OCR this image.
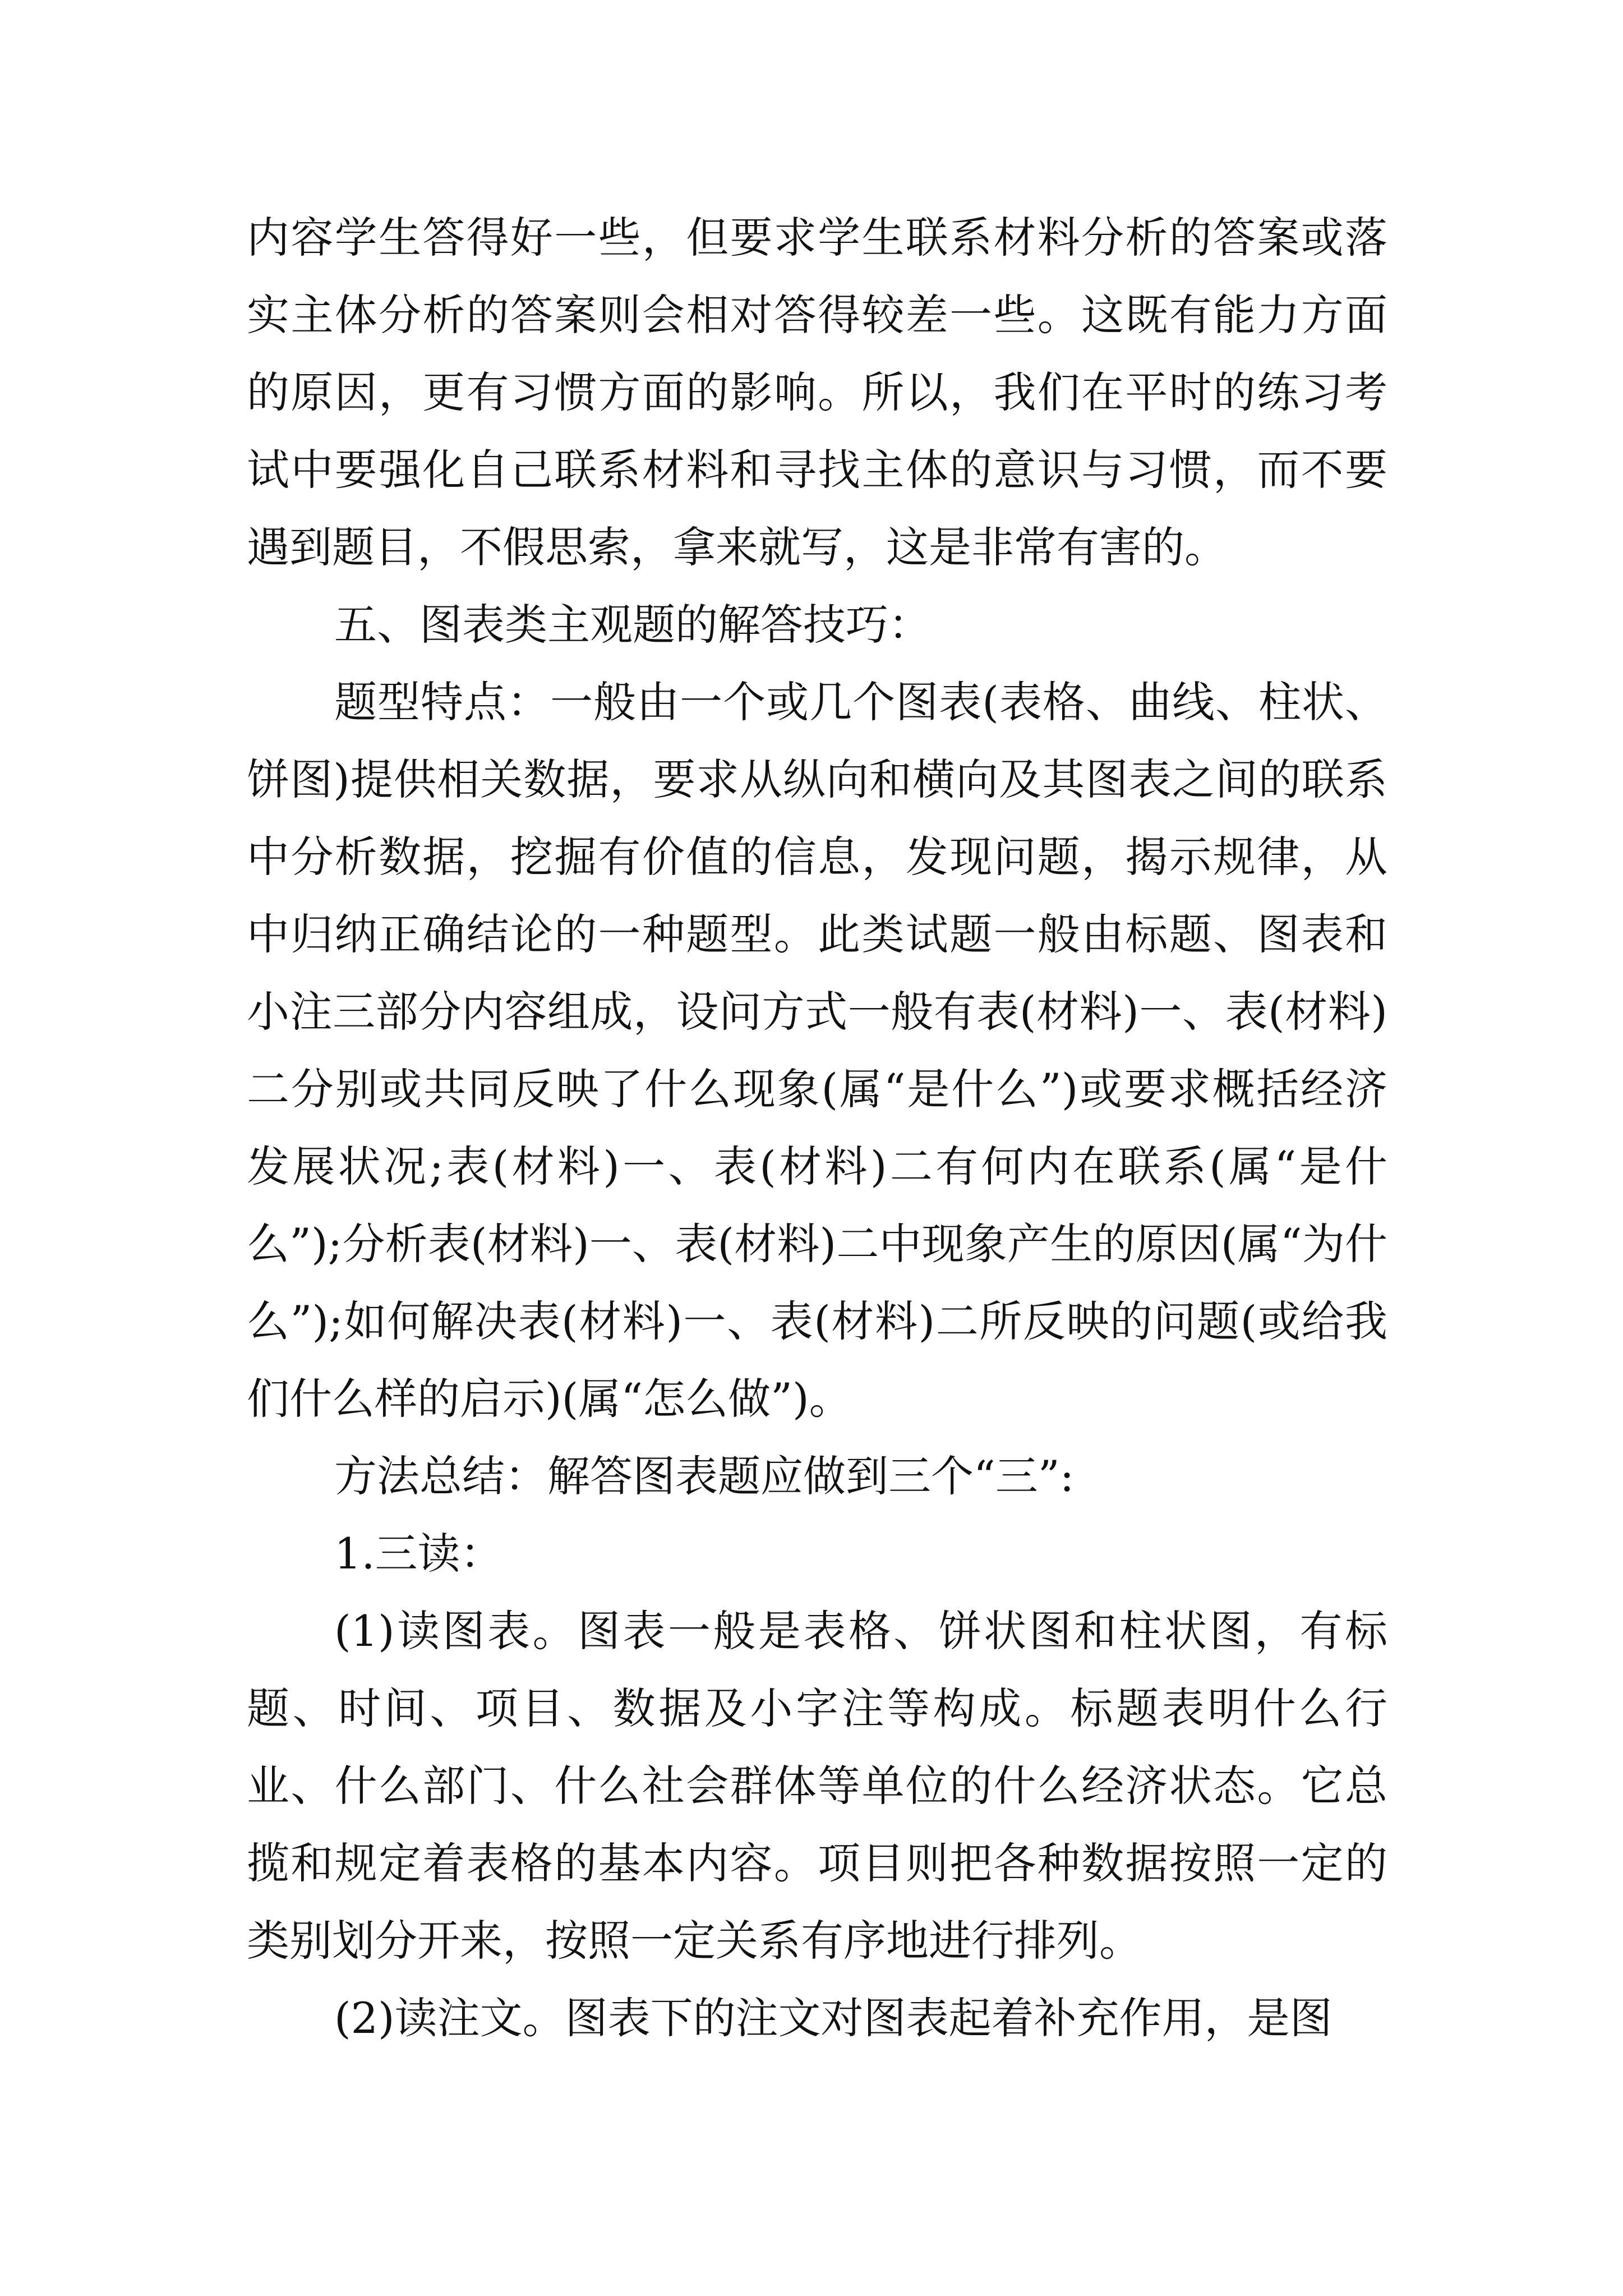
内容学生答得好一些，但要求学生联系材料分析的答案或落实主体分析的答案则会相对答得较差一些。这既有能力方面的原因，更有习惯方面的影响。所以，我们在平时的练习考试中要强化自己联系材料和寻找主体的意识与习惯，而不要遇到题目，不假思索，拿来就写，这是非常有害的。

五、图表类主观题的解答技巧：

题型特点：一般由一个或几个图表(表格、曲线、柱状、饼图)提供相关数据，要求从纵向和横向及其图表之间的联系中分析数据，挖掘有价值的信息，发现问题，揭示规律，从中归纳正确结论的一种题型。此类试题一般由标题、图表和小注三部分内容组成，设问方式一般有表(材料)一、表(材料)二分别或共同反映了什么现象(属“是什么”)或要求概括经济发展状况;表(材料)一、表(材料)二有何内在联系(属“是什么”);分析表(材料)一、表(材料)二中现象产生的原因(属“为什么”);如何解决表(材料)一、表(材料)二所反映的问题(或给我们什么样的启示)(属“怎么做”)。

方法总结：解答图表题应做到三个“三”:

1.三读：

(1)读图表。图表一般是表格、饼状图和柱状图，有标题、时间、项目、数据及小字注等构成。标题表明什么行业、什么部门、什么社会群体等单位的什么经济状态。它总揽和规定着表格的基本内容。项目则把各种数据按照一定的类别划分开来，按照一定关系有序地进行排列。

(2)读注文。图表下的注文对图表起着补充作用，是图
